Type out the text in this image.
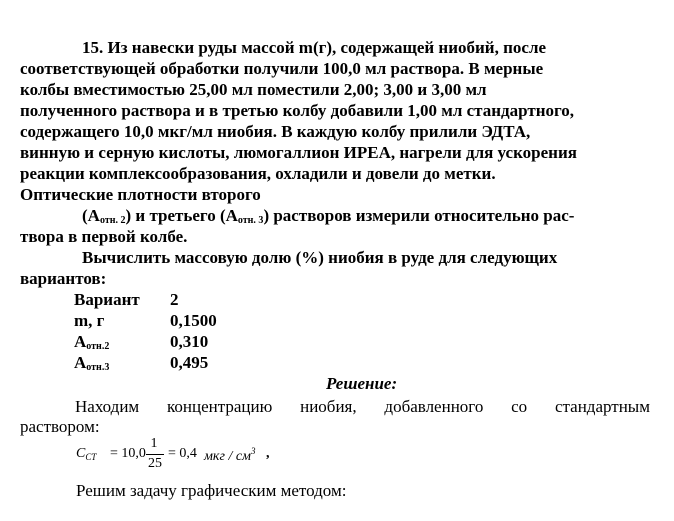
15. Из навески руды массой m(г), содержащей ниобий, после
соответствующей обработки получили 100,0 мл раствора. В мерные
колбы вместимостью 25,00 мл поместили 2,00; 3,00 и 3,00 мл
полученного раствора и в третью колбу добавили 1,00 мл стандартного,
содержащего 10,0 мкг/мл ниобия. В каждую колбу прилили ЭДТА,
винную и серную кислоты, люмогаллион ИРЕА, нагрели для ускорения
реакции комплексообразования, охладили и довели до метки.
Оптические плотности второго
$(A_{отн. 2})$ и третьего $(A_{отн. 3})$ растворов измерили относительно рас-
твора в первой колбе.
Вычислить массовую долю (%) ниобия в руде для следующих
вариантов:
Вариант 2
m, г	0,1500
$A_{отн.2}$	0,310
$A_{отн.3}$	0,495
Решение:
Находим концентрацию ниобия, добавленного со стандартным
раствором:
$C_{CT} = 10,0$
1
25
= 0,4 мкг / $см^3$ ,
Решим задачу графическим методом:
